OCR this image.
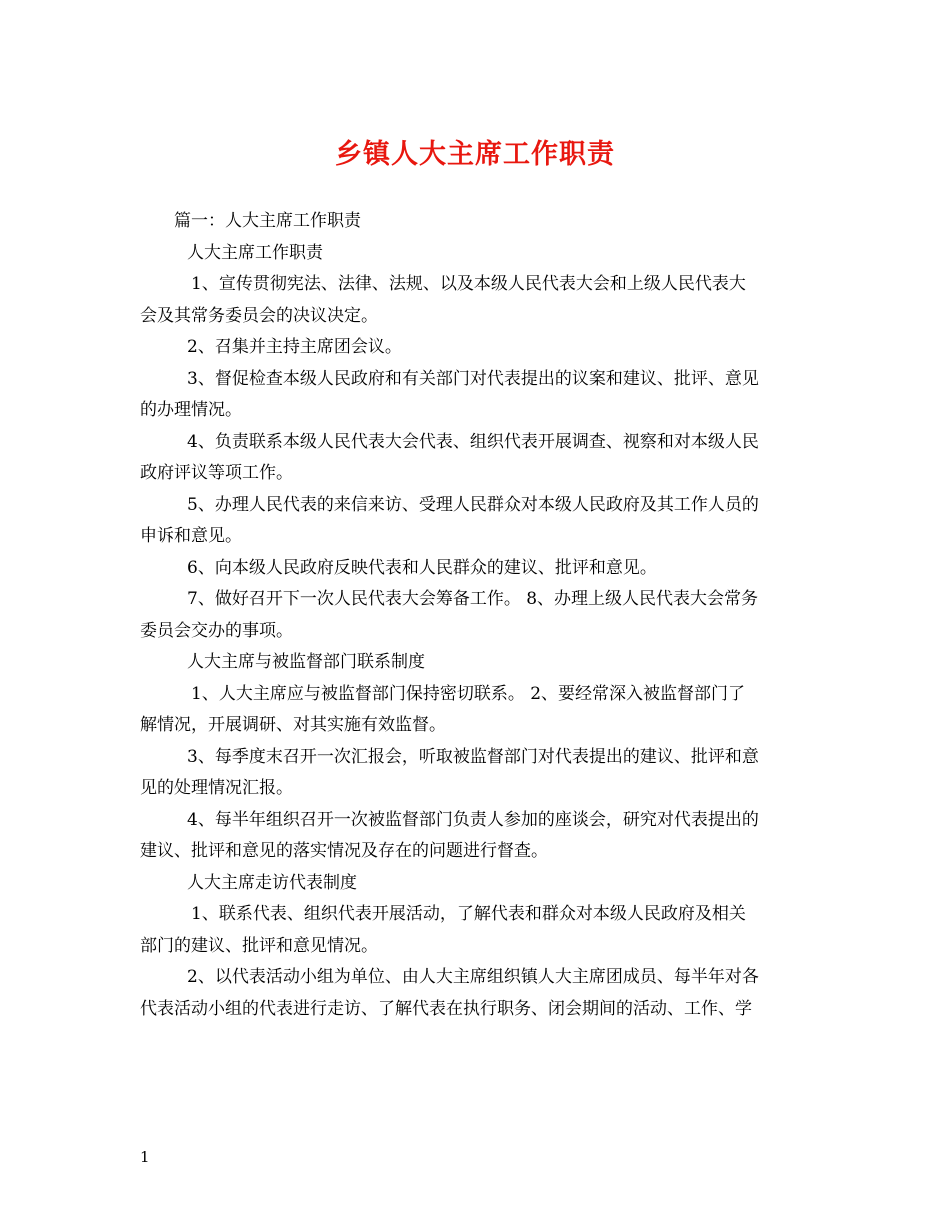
乡镇人大主席工作职责
篇一：人大主席工作职责
人大主席工作职责
1、宣传贯彻宪法、法律、法规、以及本级人民代表大会和上级人民代表大
会及其常务委员会的决议决定。
2、召集并主持主席团会议。
3、督促检查本级人民政府和有关部门对代表提出的议案和建议、批评、意见
的办理情况。
4、负责联系本级人民代表大会代表、组织代表开展调查、视察和对本级人民
政府评议等项工作。
5、办理人民代表的来信来访、受理人民群众对本级人民政府及其工作人员的
申诉和意见。
6、向本级人民政府反映代表和人民群众的建议、批评和意见。
7、做好召开下一次人民代表大会筹备工作。 8、办理上级人民代表大会常务
委员会交办的事项。
人大主席与被监督部门联系制度
1、人大主席应与被监督部门保持密切联系。 2、要经常深入被监督部门了
解情况，开展调研、对其实施有效监督。
3、每季度末召开一次汇报会，听取被监督部门对代表提出的建议、批评和意
见的处理情况汇报。
4、每半年组织召开一次被监督部门负责人参加的座谈会，研究对代表提出的
建议、批评和意见的落实情况及存在的问题进行督查。
人大主席走访代表制度
1、联系代表、组织代表开展活动，了解代表和群众对本级人民政府及相关
部门的建议、批评和意见情况。
2、以代表活动小组为单位、由人大主席组织镇人大主席团成员、每半年对各
代表活动小组的代表进行走访、了解代表在执行职务、闭会期间的活动、工作、学
1
